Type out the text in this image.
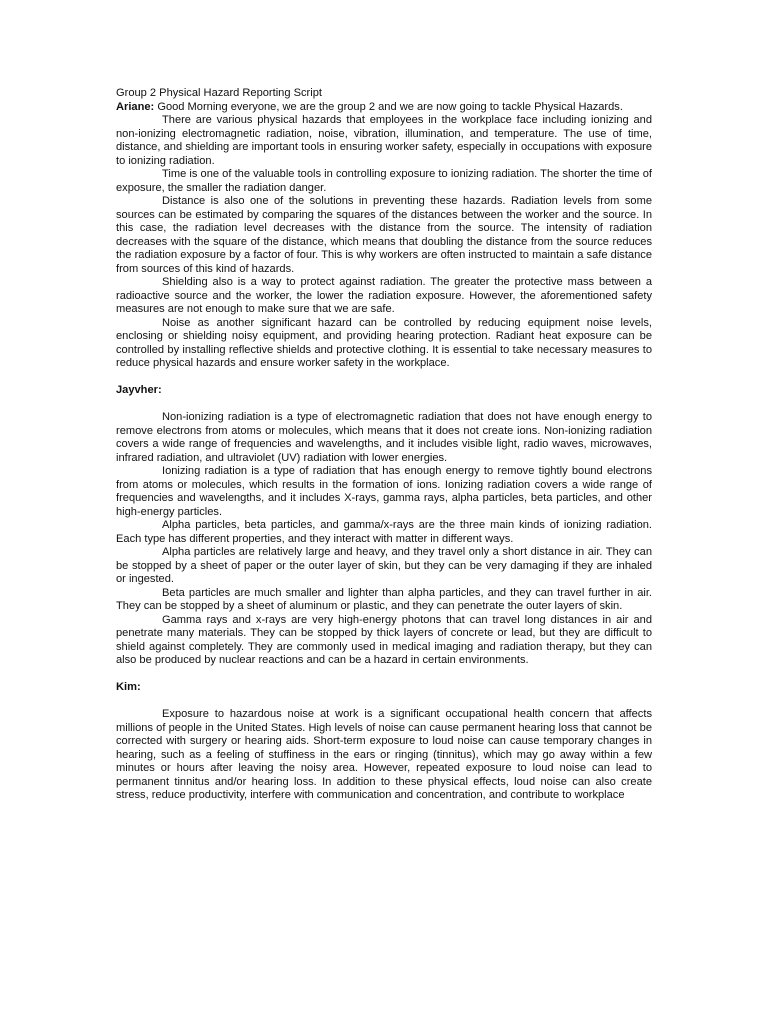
Group 2 Physical Hazard Reporting Script

Ariane: Good Morning everyone, we are the group 2 and we are now going to tackle Physical Hazards.

There are various physical hazards that employees in the workplace face including ionizing and non-ionizing electromagnetic radiation, noise, vibration, illumination, and temperature. The use of time, distance, and shielding are important tools in ensuring worker safety, especially in occupations with exposure to ionizing radiation.

Time is one of the valuable tools in controlling exposure to ionizing radiation. The shorter the time of exposure, the smaller the radiation danger.

Distance is also one of the solutions in preventing these hazards. Radiation levels from some sources can be estimated by comparing the squares of the distances between the worker and the source. In this case, the radiation level decreases with the distance from the source. The intensity of radiation decreases with the square of the distance, which means that doubling the distance from the source reduces the radiation exposure by a factor of four. This is why workers are often instructed to maintain a safe distance from sources of this kind of hazards.

Shielding also is a way to protect against radiation. The greater the protective mass between a radioactive source and the worker, the lower the radiation exposure. However, the aforementioned safety measures are not enough to make sure that we are safe.

Noise as another significant hazard can be controlled by reducing equipment noise levels, enclosing or shielding noisy equipment, and providing hearing protection. Radiant heat exposure can be controlled by installing reflective shields and protective clothing. It is essential to take necessary measures to reduce physical hazards and ensure worker safety in the workplace.

Jayvher:

Non-ionizing radiation is a type of electromagnetic radiation that does not have enough energy to remove electrons from atoms or molecules, which means that it does not create ions. Non-ionizing radiation covers a wide range of frequencies and wavelengths, and it includes visible light, radio waves, microwaves, infrared radiation, and ultraviolet (UV) radiation with lower energies.

Ionizing radiation is a type of radiation that has enough energy to remove tightly bound electrons from atoms or molecules, which results in the formation of ions. Ionizing radiation covers a wide range of frequencies and wavelengths, and it includes X-rays, gamma rays, alpha particles, beta particles, and other high-energy particles.

Alpha particles, beta particles, and gamma/x-rays are the three main kinds of ionizing radiation. Each type has different properties, and they interact with matter in different ways.

Alpha particles are relatively large and heavy, and they travel only a short distance in air. They can be stopped by a sheet of paper or the outer layer of skin, but they can be very damaging if they are inhaled or ingested.

Beta particles are much smaller and lighter than alpha particles, and they can travel further in air. They can be stopped by a sheet of aluminum or plastic, and they can penetrate the outer layers of skin.

Gamma rays and x-rays are very high-energy photons that can travel long distances in air and penetrate many materials. They can be stopped by thick layers of concrete or lead, but they are difficult to shield against completely. They are commonly used in medical imaging and radiation therapy, but they can also be produced by nuclear reactions and can be a hazard in certain environments.

Kim:

Exposure to hazardous noise at work is a significant occupational health concern that affects millions of people in the United States. High levels of noise can cause permanent hearing loss that cannot be corrected with surgery or hearing aids. Short-term exposure to loud noise can cause temporary changes in hearing, such as a feeling of stuffiness in the ears or ringing (tinnitus), which may go away within a few minutes or hours after leaving the noisy area. However, repeated exposure to loud noise can lead to permanent tinnitus and/or hearing loss. In addition to these physical effects, loud noise can also create stress, reduce productivity, interfere with communication and concentration, and contribute to workplace
